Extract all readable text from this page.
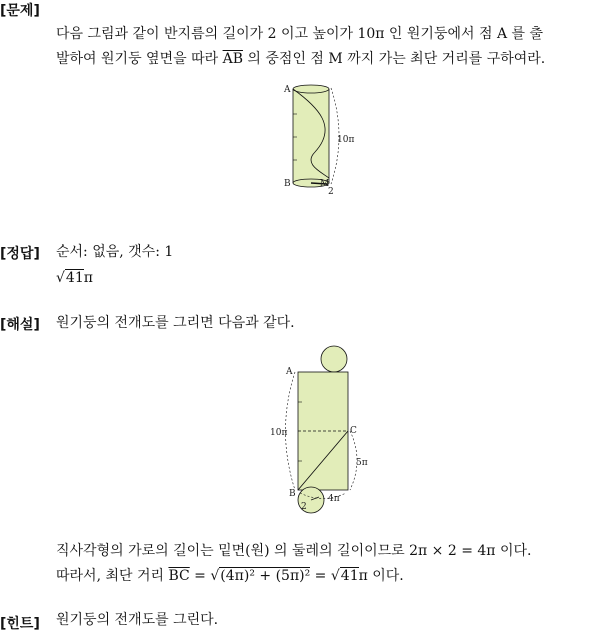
[문제]
다음 그림과 같이 반지름의 길이가 2 이고 높이가 10π 인 원기둥에서 점 A 를 출
발하여 원기둥 옆면을 따라 $\overline{AB}$ 의 중점인 점 M 까지 가는 최단 거리를 구하여라.
A
B	M
10π
2
[정답] 순서: 없음, 갯수: 1
√41π
[해설] 원기둥의 전개도를 그리면 다음과 같다.
A
B
C
10π
5π
4π
2
직사각형의 가로의 길이는 밑면(원) 의 둘레의 길이이므로 2π × 2 = 4π 이다.
따라서, 최단 거리 $\overline{BC} = √(4\pi)^2 + (5\pi)^2 = √41\pi$ 이다.
[힌트] 원기둥의 전개도를 그린다.
